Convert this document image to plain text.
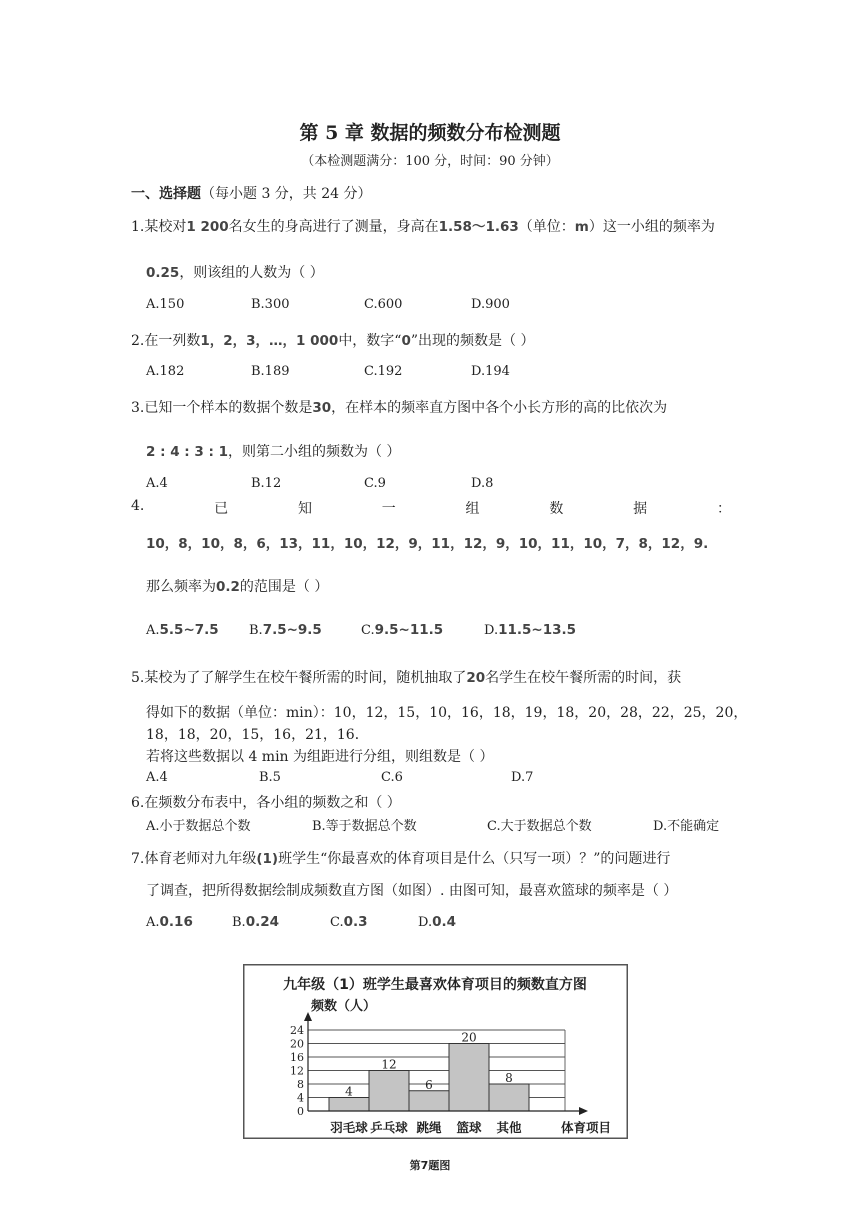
第 5 章 数据的频数分布检测题
（本检测题满分：100 分，时间：90 分钟）
一、选择题（每小题 3 分，共 24 分）
1.某校对1 200名女生的身高进行了测量，身高在1.58～1.63（单位：m）这一小组的频率为
0.25，则该组的人数为（ ）
A.150	B.300	C.600	D.900
2.在一列数1，2，3，…，1 000中，数字“0”出现的频数是（ ）
A.182	B.189	C.192	D.194
3.已知一个样本的数据个数是30，在样本的频率直方图中各个小长方形的高的比依次为
2 : 4 : 3 : 1，则第二小组的频数为（ ）
A.4	B.12	C.9	D.8
4.	已	知	一	组	数	据	：
10，8，10，8，6，13，11，10，12，9，11，12，9，10，11，10，7，8，12，9.
那么频率为0.2的范围是（ ）
A.5.5~7.5 B.7.5~9.5	C.9.5~11.5	D.11.5~13.5
5.某校为了了解学生在校午餐所需的时间，随机抽取了20名学生在校午餐所需的时间，获
得如下的数据（单位：min）：10，12，15，10，16，18，19，18，20，28，22，25，20，
18，18，20，15，16，21，16．
若将这些数据以 4 min 为组距进行分组，则组数是（ ）
A.4	B.5	C.6	D.7
6.在频数分布表中，各小组的频数之和（ ）
A.小于数据总个数	B.等于数据总个数	C.大于数据总个数	D.不能确定
7.体育老师对九年级(1)班学生“你最喜欢的体育项目是什么（只写一项）？”的问题进行
了调查，把所得数据绘制成频数直方图（如图）. 由图可知，最喜欢篮球的频率是（ ）
A.0.16	B.0.24	C.0.3	D.0.4
九年级（1）班学生最喜欢体育项目的频数直方图
频数（人）
体育项目
4
12
6
20
8
0
4
8
12
16
20
24
羽毛球 乒乓球 跳绳 篮球 其他
第7题图
